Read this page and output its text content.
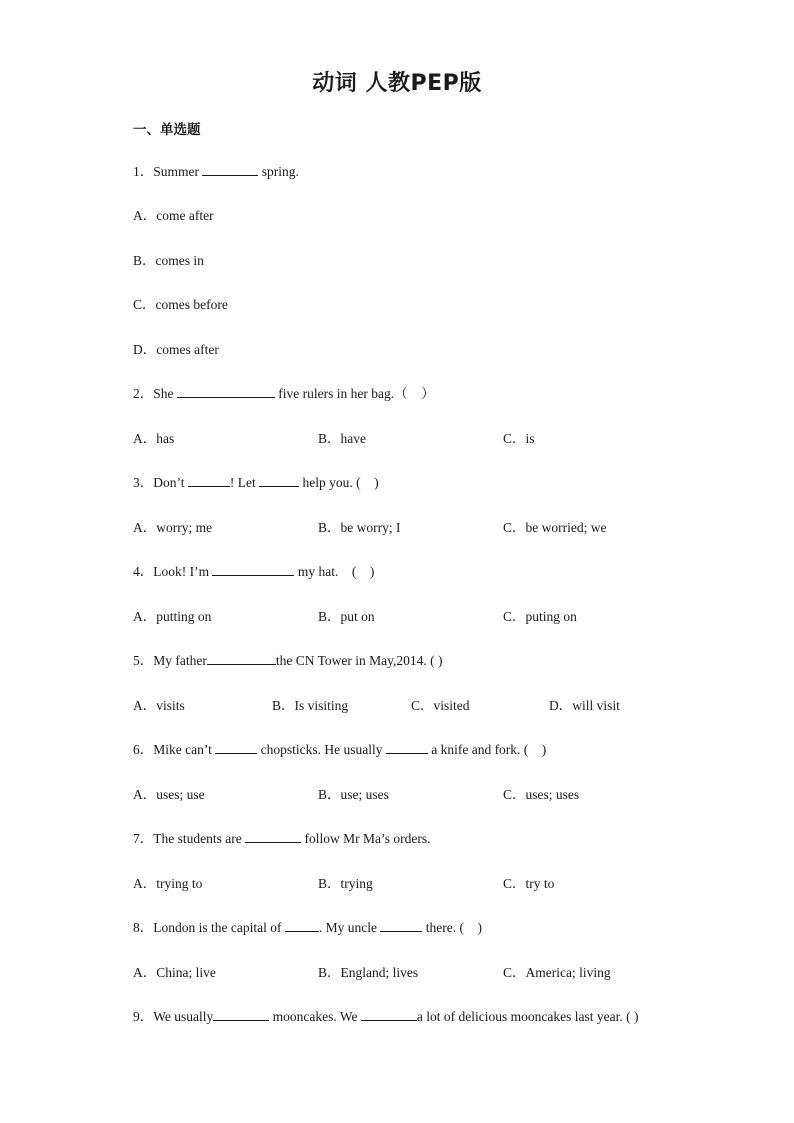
动词 人教PEP版
一、单选题
1．Summer	spring.
A．come after
B．comes in
C．comes before
D．comes after
2．She	five rulers in her bag.（　）
A．has	B．have	C．is
3．Don’t	! Let	help you. (　)
A．worry; me	B．be worry; I	C．be worried; we
4．Look! I’m	my hat.　(　)
A．putting on	B．put on	C．puting on
5．My father	the CN Tower in May,2014. ( )
A．visits	B．Is visiting	C．visited	D．will visit
6．Mike can’t	chopsticks. He usually	a knife and fork. (　)
A．uses; use	B．use; uses	C．uses; uses
7．The students are	follow Mr Ma’s orders.
A．trying to	B．trying	C．try to
8．London is the capital of	. My uncle	there. (　)
A．China; live	B．England; lives	C．America; living
9．We usually	mooncakes. We	a lot of delicious mooncakes last year. ( )
